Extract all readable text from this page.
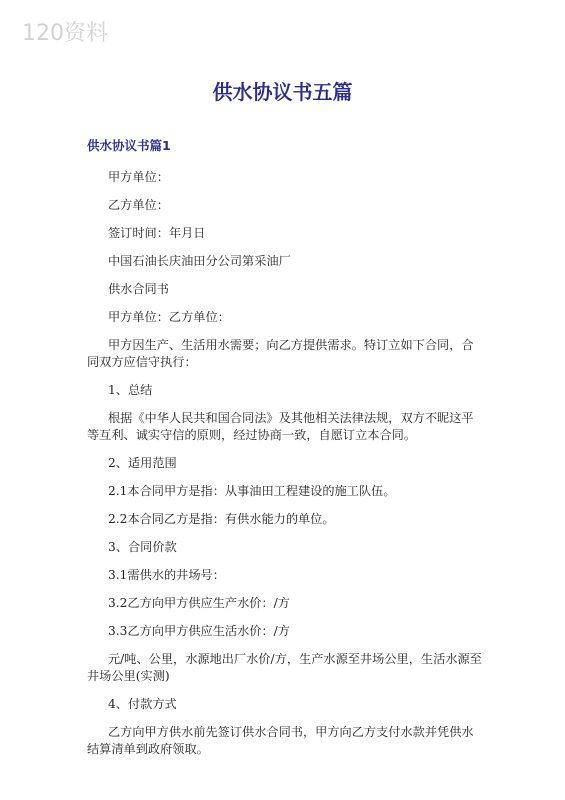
120资料
供水协议书五篇
供水协议书篇1

甲方单位：

乙方单位：

签订时间：年月日

中国石油长庆油田分公司第采油厂

供水合同书

甲方单位：乙方单位：

甲方因生产、生活用水需要；向乙方提供需求。特订立如下合同，合同双方应信守执行：

1、总结

根据《中华人民共和国合同法》及其他相关法律法规，双方不昵这平等互利、诚实守信的原则，经过协商一致，自愿订立本合同。

2、适用范围

2.1本合同甲方是指：从事油田工程建设的施工队伍。

2.2本合同乙方是指：有供水能力的单位。

3、合同价款

3.1需供水的井场号：

3.2乙方向甲方供应生产水价：/方

3.3乙方向甲方供应生活水价：/方

元/吨、公里，水源地出厂水价/方，生产水源至井场公里，生活水源至井场公里(实测)

4、付款方式

乙方向甲方供水前先签订供水合同书，甲方向乙方支付水款并凭供水结算清单到政府领取。
